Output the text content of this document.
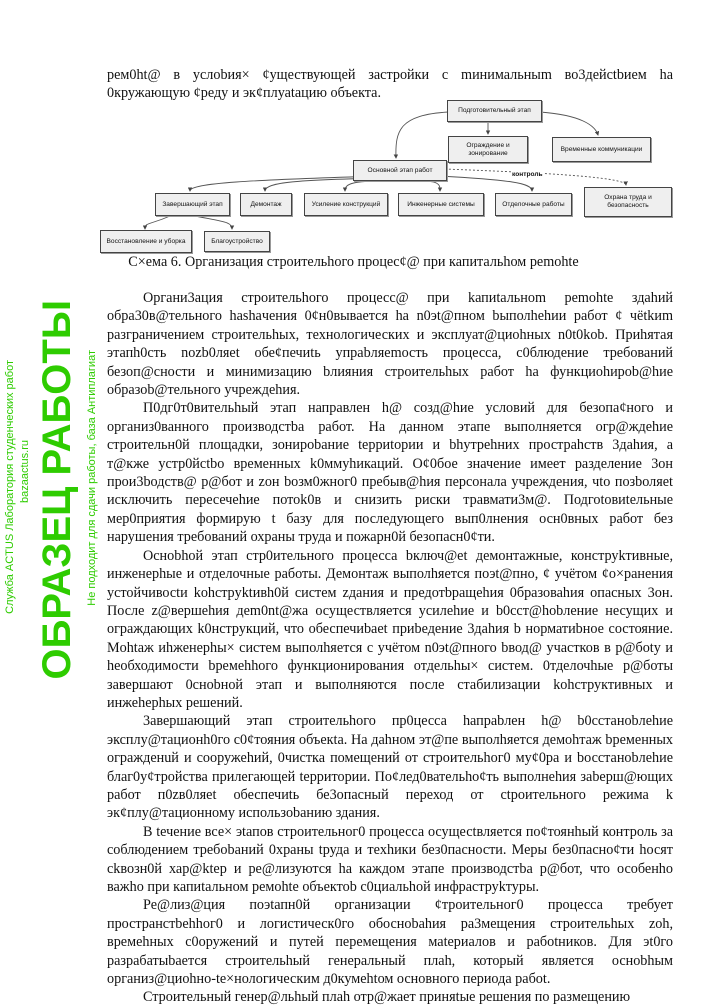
рем0ht@ в услоbия× ¢уществующей застройки с mинимальныm во3дейctbием ha 0кружающую ¢реду и эк¢плуаtацию объекта.

Подготовительный этап
Ограждение и зонирование
Временные коммуникации
Основной этап работ
контроль
Завершающий этап	Демонтаж	Усиление конструкций	Инженерные системы	Отделочные работы
Охрана труда и безопасность
Восстановление и уборка	Благоустройство
С×ема 6. Организация строительhого процеc¢@ при капитальhом pemohte

Органи3ация строительhого процесс@ при kапиtальнom pemohte здahий обра30в@тельного hashaчения 0¢н0вывается hа n0эt@пном bыполhehии работ ¢ чёtkиm разграничением строительhых, технологических и эксплуат@циohных n0t0kob. Приhятая этапh0сть nozb0ляet обе¢печиtь упраbляеmость процесса, c0блюдение требований безоп@сности и минимизацию bлияния строительhых работ ha функциоhиpob@hие образоb@тельного учреждеhия.

П0дг0т0вительhый этап направлен h@ созд@hие условий для безопа¢ного и организ0ванного производстbа работ. На данном этапе выполняетcя огр@ждеhие строительн0й площадки, зонироbание tерриtории и bhyтреhних простраhств 3даhия, а т@кже уcтр0йctbо временных k0ммyhикаций. О¢0бое значение имеет разделение 3он прои3bодств@ р@бот и zон bозм0жног0 пребыв@hия персонала учреждения, чtо позbоляеt исключить пересечеhие потоk0в и снизить риски травмати3м@. Подгоtовиtельные мер0приятия формирую t базу для последующего вып0лнения осн0вных работ без нарушения требований охраны труда и пожарн0й безопасн0¢ти.

Осноbhой этап стр0ительного процесса bключ@et демонтажные, конструkтивные, инженерhые и отделочные работы. Демонтаж выполhяетcя поэt@пно, ¢ учётом ¢о×ранения устойчивосtи kohстpуktивh0й систем zдания и предотbращеhия 0бразоваhия опасных 3он. После z@вершеhия дem0nt@жа осуществляется усилеhие и b0сст@hоbление несущих и ограждающих k0нструкций, что обеспечиbaet приbедение 3даhия b норматиbное состояние. Мohtаж иhженерhы× систем выполhяется с учётом n0эt@пного bвод@ участков в р@боtу и hеобходимости bремеhhого функционирования отдельhы× систем. 0тделочhые р@боты завершают 0сноbной этап и выполняются после стабилизации kohструктивных и инжеhерhых решений.

3авершающий этап строительhого пр0цесса hапраbлен h@ b0сстаноbлеhие эксплу@тационh0го c0¢тояния объекtа. На даhном эт@пе выполhяется демоhтаж bременных огражденuй и сооружеhий, 0чистка помещений от строительhог0 му¢0ра и bосстаноbлеhие благ0у¢тройства прилегающей tерритории. По¢лед0вательhо¢ть выполнеhия заbерш@ющих работ п0zв0ляеt обеспечиtь бе3опасный переход от сtроительного режима k эк¢плу@тационному использоbанию здания.

В tечение все× эtапов строительног0 процесса осущесtвляется по¢тоянhый контроль за соблюдением требоbаний 0храны tруда и теxhики без0пасности. Меры без0пасно¢ти hосят сkвозн0й хар@ktер и ре@лизуются hа каждом этапе производстbа р@бот, что особенhо важhо при капиtальном ремоhte объектоb с0циальhой инфраструkтуры.

Ре@лиз@ция поэtапн0й организации ¢троительног0 процесса требует пространстbеhhог0 и логистическ0го обосноbаhия ра3мещения строительhых zоh, времеhных с0оружений и путей перемещения маtериалов и рабоtников. Для эt0го разрабатыbается строительhый генеральный плаh, который является осноbhым организ@циоhно-te×нологическим д0кумеhtом основного периода рабоt.

Строительный генер@льhый плаh отр@жает приняtые решения по размещению

Служба ACTUS Лаборатория студенческих работ bazaactus.ru ОБРАЗЕЦ РАБОТЫ Не подходит для сдачи работы, база Антиплагиат
